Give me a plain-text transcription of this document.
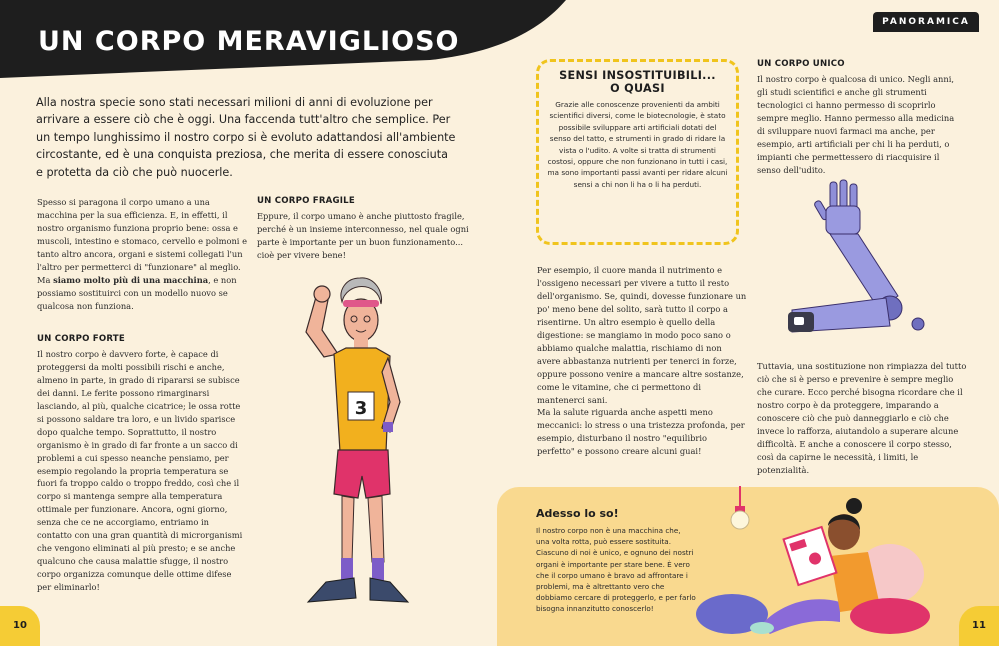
UN CORPO MERAVIGLIOSO
PANORAMICA
Alla nostra specie sono stati necessari milioni di anni di evoluzione per arrivare a essere ciò che è oggi. Una faccenda tutt'altro che semplice. Per un tempo lunghissimo il nostro corpo si è evoluto adattandosi all'ambiente circostante, ed è una conquista preziosa, che merita di essere conosciuta e protetta da ciò che può nuocerle.
Spesso si paragona il corpo umano a una macchina per la sua efficienza. E, in effetti, il nostro organismo funziona proprio bene: ossa e muscoli, intestino e stomaco, cervello e polmoni e tanto altro ancora, organi e sistemi collegati l'un l'altro per permetterci di "funzionare" al meglio. Ma siamo molto più di una macchina, e non possiamo sostituirci con un modello nuovo se qualcosa non funziona.
UN CORPO FORTE
Il nostro corpo è davvero forte, è capace di proteggersi da molti possibili rischi e anche, almeno in parte, in grado di ripararsi se subisce dei danni. Le ferite possono rimarginarsi lasciando, al più, qualche cicatrice; le ossa rotte si possono saldare tra loro, e un livido sparisce dopo qualche tempo. Soprattutto, il nostro organismo è in grado di far fronte a un sacco di problemi a cui spesso neanche pensiamo, per esempio regolando la propria temperatura se fuori fa troppo caldo o troppo freddo, così che il corpo si mantenga sempre alla temperatura ottimale per funzionare. Ancora, ogni giorno, senza che ce ne accorgiamo, entriamo in contatto con una gran quantità di microrganismi che vengono eliminati al più presto; e se anche qualcuno che causa malattie sfugge, il nostro corpo organizza comunque delle ottime difese per eliminarlo!
UN CORPO FRAGILE
Eppure, il corpo umano è anche piuttosto fragile, perché è un insieme interconnesso, nel quale ogni parte è importante per un buon funzionamento... cioè per vivere bene!
3
SENSI INSOSTITUIBILI...
O QUASI
Grazie alle conoscenze provenienti da ambiti scientifici diversi, come le biotecnologie, è stato possibile sviluppare arti artificiali dotati del senso del tatto, e strumenti in grado di ridare la vista o l'udito. A volte si tratta di strumenti costosi, oppure che non funzionano in tutti i casi, ma sono importanti passi avanti per ridare alcuni sensi a chi non li ha o li ha perduti.
UN CORPO UNICO
Il nostro corpo è qualcosa di unico. Negli anni, gli studi scientifici e anche gli strumenti tecnologici ci hanno permesso di scoprirlo sempre meglio. Hanno permesso alla medicina di sviluppare nuovi farmaci ma anche, per esempio, arti artificiali per chi li ha perduti, o impianti che permettessero di riacquisire il senso dell'udito.
Per esempio, il cuore manda il nutrimento e l'ossigeno necessari per vivere a tutto il resto dell'organismo. Se, quindi, dovesse funzionare un po' meno bene del solito, sarà tutto il corpo a risentirne. Un altro esempio è quello della digestione: se mangiamo in modo poco sano o abbiamo qualche malattia, rischiamo di non avere abbastanza nutrienti per tenerci in forze, oppure possono venire a mancare altre sostanze, come le vitamine, che ci permettono di mantenerci sani.
Ma la salute riguarda anche aspetti meno meccanici: lo stress o una tristezza profonda, per esempio, disturbano il nostro "equilibrio perfetto" e possono creare alcuni guai!
Tuttavia, una sostituzione non rimpiazza del tutto ciò che si è perso e prevenire è sempre meglio che curare. Ecco perché bisogna ricordare che il nostro corpo è da proteggere, imparando a conoscere ciò che può danneggiarlo e ciò che invece lo rafforza, aiutandolo a superare alcune difficoltà. E anche a conoscere il corpo stesso, così da capirne le necessità, i limiti, le potenzialità.
Adesso lo so!
Il nostro corpo non è una macchina che, una volta rotta, può essere sostituita. Ciascuno di noi è unico, e ognuno dei nostri organi è importante per stare bene. È vero che il corpo umano è bravo ad affrontare i problemi, ma è altrettanto vero che dobbiamo cercare di proteggerlo, e per farlo bisogna innanzitutto conoscerlo!
10	11
